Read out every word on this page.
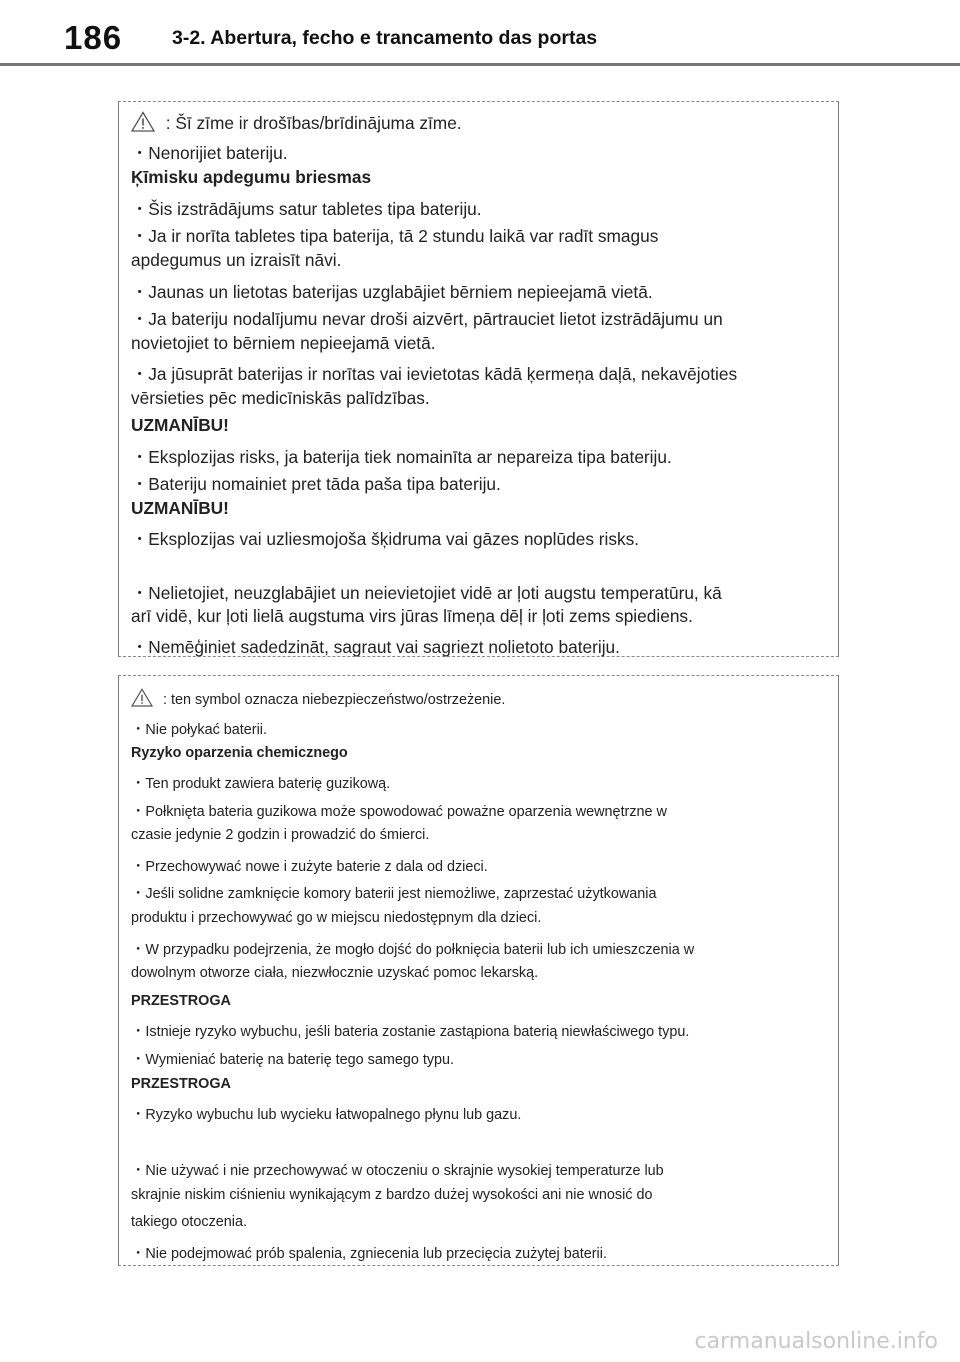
186	3-2. Abertura, fecho e trancamento das portas
: Šī zīme ir drošības/brīdinājuma zīme.
・Nenorijiet bateriju.
Ķīmisku apdegumu briesmas
・Šis izstrādājums satur tabletes tipa bateriju.
・Ja ir norīta tabletes tipa baterija, tā 2 stundu laikā var radīt smagus
apdegumus un izraisīt nāvi.
・Jaunas un lietotas baterijas uzglabājiet bērniem nepieejamā vietā.
・Ja bateriju nodalījumu nevar droši aizvērt, pārtrauciet lietot izstrādājumu un
novietojiet to bērniem nepieejamā vietā.
・Ja jūsuprāt baterijas ir norītas vai ievietotas kādā ķermeņa daļā, nekavējoties
vērsieties pēc medicīniskās palīdzības.
UZMANĪBU!
・Eksplozijas risks, ja baterija tiek nomainīta ar nepareiza tipa bateriju.
・Bateriju nomainiet pret tāda paša tipa bateriju.
UZMANĪBU!
・Eksplozijas vai uzliesmojoša šķidruma vai gāzes noplūdes risks.
・Nelietojiet, neuzglabājiet un neievietojiet vidē ar ļoti augstu temperatūru, kā
arī vidē, kur ļoti lielā augstuma virs jūras līmeņa dēļ ir ļoti zems spiediens.
・Nemēģiniet sadedzināt, sagraut vai sagriezt nolietoto bateriju.
: ten symbol oznacza niebezpieczeństwo/ostrzeżenie.
・Nie połykać baterii.
Ryzyko oparzenia chemicznego
・Ten produkt zawiera baterię guzikową.
・Połknięta bateria guzikowa może spowodować poważne oparzenia wewnętrzne w
czasie jedynie 2 godzin i prowadzić do śmierci.
・Przechowywać nowe i zużyte baterie z dala od dzieci.
・Jeśli solidne zamknięcie komory baterii jest niemożliwe, zaprzestać użytkowania
produktu i przechowywać go w miejscu niedostępnym dla dzieci.
・W przypadku podejrzenia, że mogło dojść do połknięcia baterii lub ich umieszczenia w
dowolnym otworze ciała, niezwłocznie uzyskać pomoc lekarską.
PRZESTROGA
・Istnieje ryzyko wybuchu, jeśli bateria zostanie zastąpiona baterią niewłaściwego typu.
・Wymieniać baterię na baterię tego samego typu.
PRZESTROGA
・Ryzyko wybuchu lub wycieku łatwopalnego płynu lub gazu.
・Nie używać i nie przechowywać w otoczeniu o skrajnie wysokiej temperaturze lub
skrajnie niskim ciśnieniu wynikającym z bardzo dużej wysokości ani nie wnosić do
takiego otoczenia.
・Nie podejmować prób spalenia, zgniecenia lub przecięcia zużytej baterii.
carmanualsonline.info
